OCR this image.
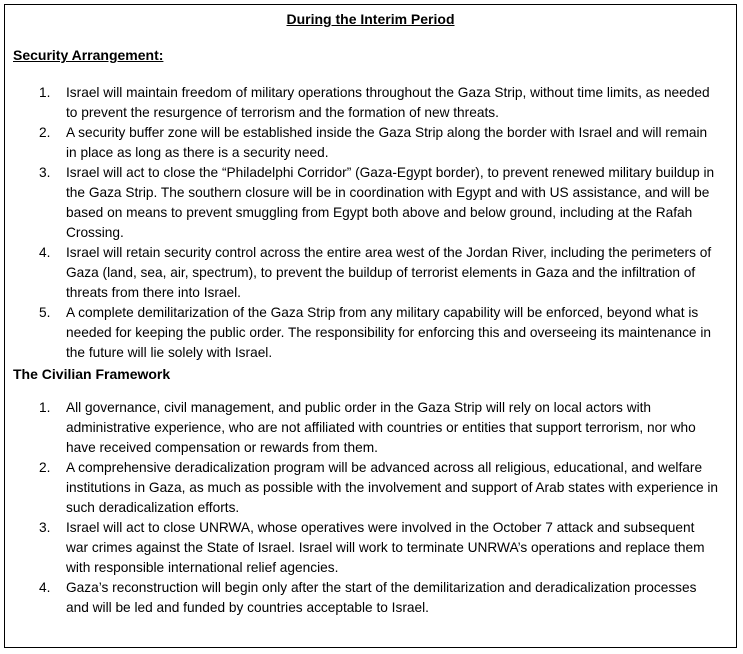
During the Interim Period
Security Arrangement:
1. Israel will maintain freedom of military operations throughout the Gaza Strip, without time limits, as needed to prevent the resurgence of terrorism and the formation of new threats.
2. A security buffer zone will be established inside the Gaza Strip along the border with Israel and will remain in place as long as there is a security need.
3. Israel will act to close the “Philadelphi Corridor” (Gaza-Egypt border), to prevent renewed military buildup in the Gaza Strip. The southern closure will be in coordination with Egypt and with US assistance, and will be based on means to prevent smuggling from Egypt both above and below ground, including at the Rafah Crossing.
4. Israel will retain security control across the entire area west of the Jordan River, including the perimeters of Gaza (land, sea, air, spectrum), to prevent the buildup of terrorist elements in Gaza and the infiltration of threats from there into Israel.
5. A complete demilitarization of the Gaza Strip from any military capability will be enforced, beyond what is needed for keeping the public order. The responsibility for enforcing this and overseeing its maintenance in the future will lie solely with Israel.
The Civilian Framework
1. All governance, civil management, and public order in the Gaza Strip will rely on local actors with administrative experience, who are not affiliated with countries or entities that support terrorism, nor who have received compensation or rewards from them.
2. A comprehensive deradicalization program will be advanced across all religious, educational, and welfare institutions in Gaza, as much as possible with the involvement and support of Arab states with experience in such deradicalization efforts.
3. Israel will act to close UNRWA, whose operatives were involved in the October 7 attack and subsequent war crimes against the State of Israel. Israel will work to terminate UNRWA’s operations and replace them with responsible international relief agencies.
4. Gaza’s reconstruction will begin only after the start of the demilitarization and deradicalization processes and will be led and funded by countries acceptable to Israel.
